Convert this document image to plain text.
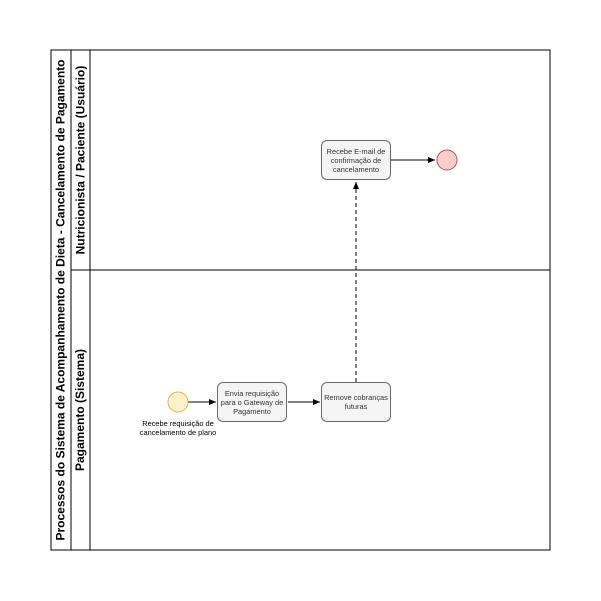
Processos do Sistema de Acompanhamento de Dieta - Cancelamento de Pagamento Nutricionista / Paciente (Usuário)
Pagamento (Sistema)	Envia requisição para o Gateway de Pagamento
Remove cobranças futuras
Recebe E-mail de confirmação de cancelamento
Recebe requisição de cancelamento de plano
